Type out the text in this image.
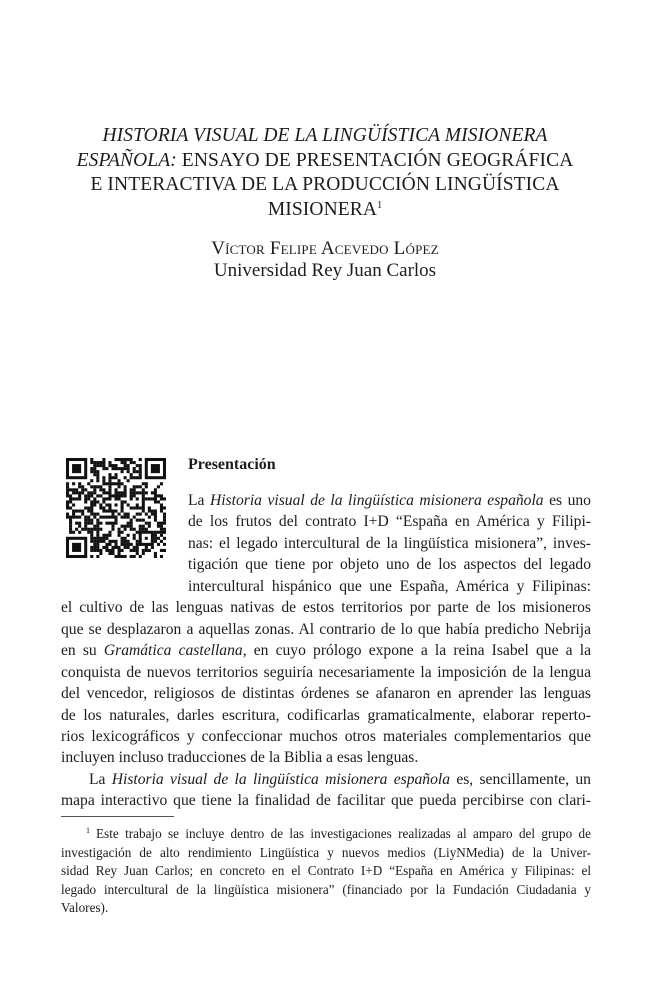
HISTORIA VISUAL DE LA LINGÜÍSTICA MISIONERA
ESPAÑOLA: ENSAYO DE PRESENTACIÓN GEOGRÁFICA
E INTERACTIVA DE LA PRODUCCIÓN LINGÜÍSTICA
MISIONERA$^1$
Víctor Felipe Acevedo López
Universidad Rey Juan Carlos
Presentación
La Historia visual de la lingüística misionera española es uno
de los frutos del contrato I+D “España en América y Filipi-
nas: el legado intercultural de la lingüística misionera”, inves-
tigación que tiene por objeto uno de los aspectos del legado
intercultural hispánico que une España, América y Filipinas:
el cultivo de las lenguas nativas de estos territorios por parte de los misioneros
que se desplazaron a aquellas zonas. Al contrario de lo que había predicho Nebrija
en su Gramática castellana, en cuyo prólogo expone a la reina Isabel que a la
conquista de nuevos territorios seguiría necesariamente la imposición de la lengua
del vencedor, religiosos de distintas órdenes se afanaron en aprender las lenguas
de los naturales, darles escritura, codificarlas gramaticalmente, elaborar reperto-
rios lexicográficos y confeccionar muchos otros materiales complementarios que
incluyen incluso traducciones de la Biblia a esas lenguas.
La Historia visual de la lingüística misionera española es, sencillamente, un
mapa interactivo que tiene la finalidad de facilitar que pueda percibirse con clari-
$^1$ Este trabajo se incluye dentro de las investigaciones realizadas al amparo del grupo de
investigación de alto rendimiento Lingüística y nuevos medios (LiyNMedia) de la Univer-
sidad Rey Juan Carlos; en concreto en el Contrato I+D “España en América y Filipinas: el
legado intercultural de la lingüística misionera” (financiado por la Fundación Ciudadania y
Valores).
